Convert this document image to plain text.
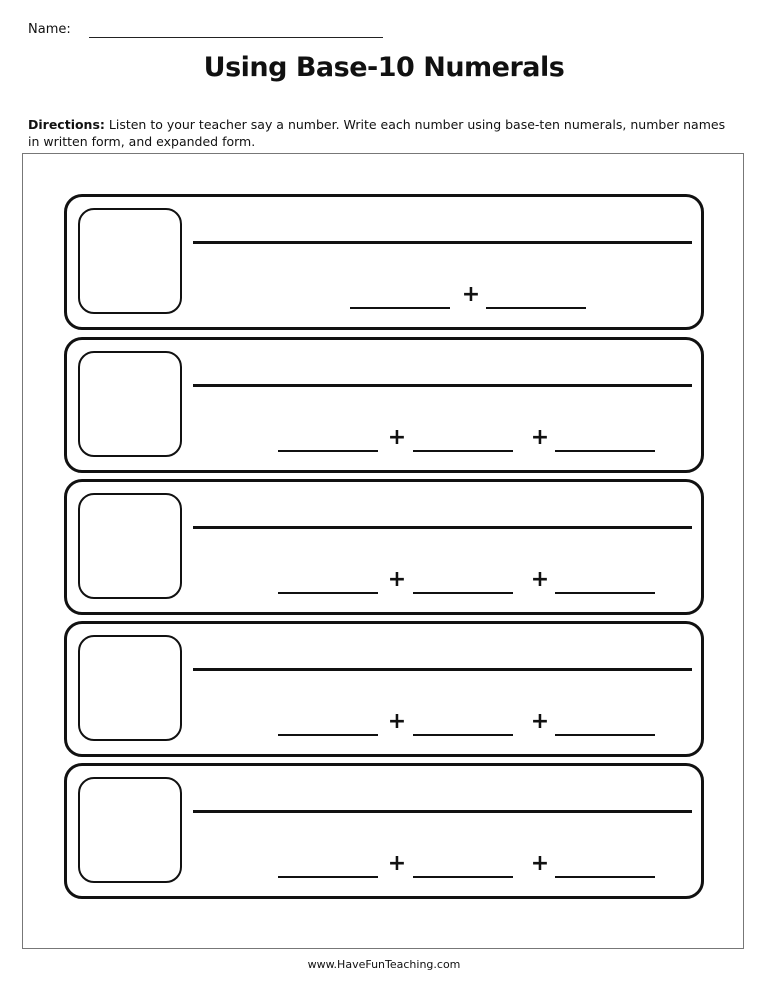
Name:
Using Base-10 Numerals
Directions: Listen to your teacher say a number. Write each number using base-ten numerals, number names in written form, and expanded form.
+
+	+
+	+
+	+
+	+
www.HaveFunTeaching.com
